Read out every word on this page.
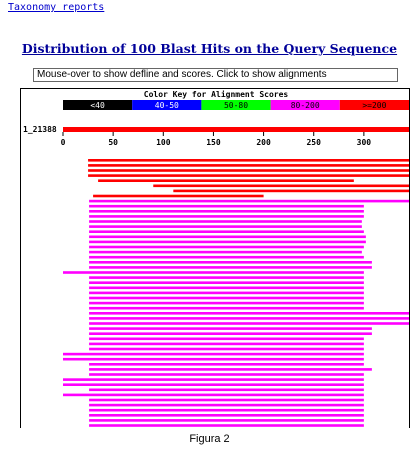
Taxonomy reports
Distribution of 100 Blast Hits on the Query Sequence
Mouse-over to show defline and scores. Click to show alignments
Color Key for Alignment Scores
<40	40-50	50-80	80-200	>=200
1_21388
0	50	100	150	200	250	300
Figura 2
